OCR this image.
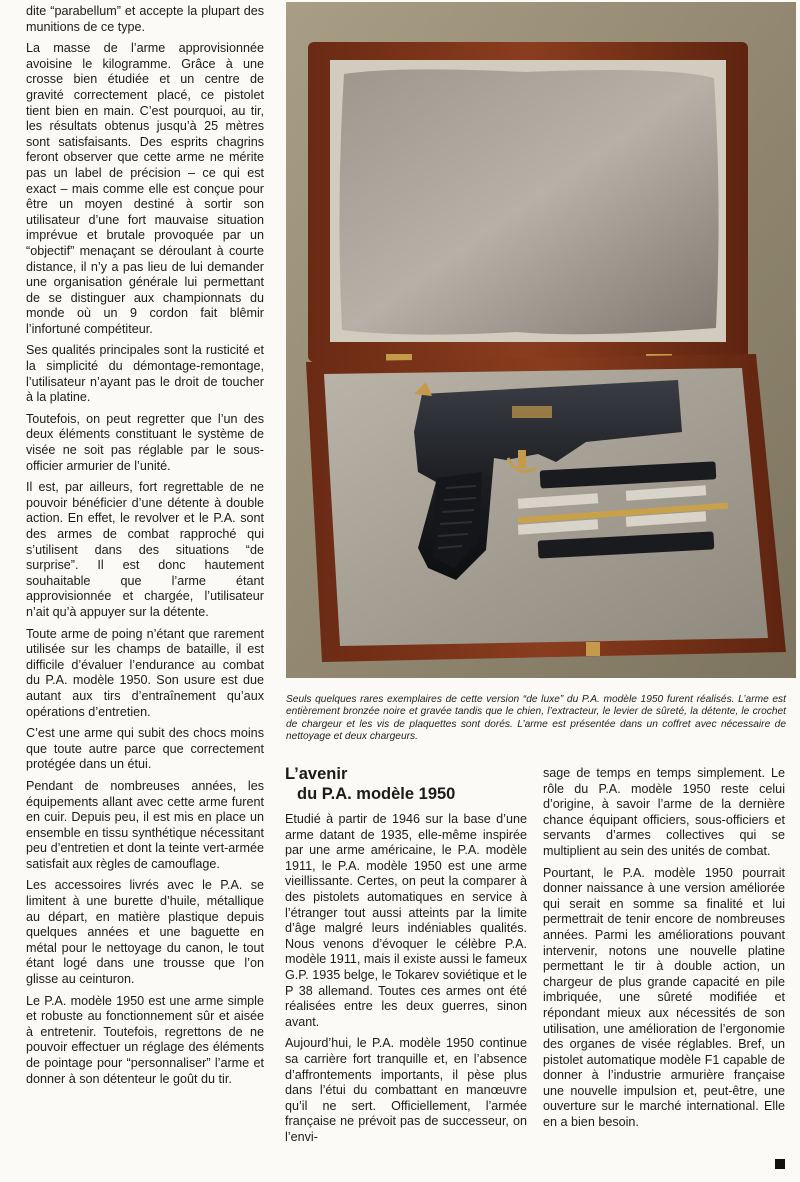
dite “parabellum” et accepte la plupart des munitions de ce type.

La masse de l’arme approvisionnée avoisine le kilogramme. Grâce à une crosse bien étudiée et un centre de gravité correctement placé, ce pistolet tient bien en main. C’est pourquoi, au tir, les résultats obtenus jusqu’à 25 mètres sont satisfaisants. Des esprits chagrins feront observer que cette arme ne mérite pas un label de précision – ce qui est exact – mais comme elle est conçue pour être un moyen destiné à sortir son utilisateur d’une fort mauvaise situation imprévue et brutale provoquée par un “objectif” menaçant se déroulant à courte distance, il n’y a pas lieu de lui demander une organisation générale lui permettant de se distinguer aux championnats du monde où un 9 cordon fait blêmir l’infortuné compétiteur.

Ses qualités principales sont la rusticité et la simplicité du démontage-remontage, l’utilisateur n’ayant pas le droit de toucher à la platine.

Toutefois, on peut regretter que l’un des deux éléments constituant le système de visée ne soit pas réglable par le sous-officier armurier de l’unité.

Il est, par ailleurs, fort regrettable de ne pouvoir bénéficier d’une détente à double action. En effet, le revolver et le P.A. sont des armes de combat rapproché qui s’utilisent dans des situations “de surprise”. Il est donc hautement souhaitable que l’arme étant approvisionnée et chargée, l’utilisateur n’ait qu’à appuyer sur la détente.

Toute arme de poing n’étant que rarement utilisée sur les champs de bataille, il est difficile d’évaluer l’endurance au combat du P.A. modèle 1950. Son usure est due autant aux tirs d’entraînement qu’aux opérations d’entretien.

C’est une arme qui subit des chocs moins que toute autre parce que correctement protégée dans un étui.

Pendant de nombreuses années, les équipements allant avec cette arme furent en cuir. Depuis peu, il est mis en place un ensemble en tissu synthétique nécessitant peu d’entretien et dont la teinte vert-armée satisfait aux règles de camouflage.

Les accessoires livrés avec le P.A. se limitent à une burette d’huile, métallique au départ, en matière plastique depuis quelques années et une baguette en métal pour le nettoyage du canon, le tout étant logé dans une trousse que l’on glisse au ceinturon.

Le P.A. modèle 1950 est une arme simple et robuste au fonctionnement sûr et aisée à entretenir. Toutefois, regrettons de ne pouvoir effectuer un réglage des éléments de pointage pour “personnaliser” l’arme et donner à son détenteur le goût du tir.

Seuls quelques rares exemplaires de cette version “de luxe” du P.A. modèle 1950 furent réalisés. L’arme est entièrement bronzée noire et gravée tandis que le chien, l’extracteur, le levier de sûreté, la détente, le crochet de chargeur et les vis de plaquettes sont dorés. L’arme est présentée dans un coffret avec nécessaire de nettoyage et deux chargeurs.
L’avenir
du P.A. modèle 1950

Etudié à partir de 1946 sur la base d’une arme datant de 1935, elle-même inspirée par une arme américaine, le P.A. modèle 1911, le P.A. modèle 1950 est une arme vieillissante. Certes, on peut la comparer à des pistolets automatiques en service à l’étranger tout aussi atteints par la limite d’âge malgré leurs indéniables qualités. Nous venons d’évoquer le célèbre P.A. modèle 1911, mais il existe aussi le fameux G.P. 1935 belge, le Tokarev soviétique et le P 38 allemand. Toutes ces armes ont été réalisées entre les deux guerres, sinon avant.

Aujourd’hui, le P.A. modèle 1950 continue sa carrière fort tranquille et, en l’absence d’affrontements importants, il pèse plus dans l’étui du combattant en manœuvre qu’il ne sert. Officiellement, l’armée française ne prévoit pas de successeur, on l’envi-

sage de temps en temps simplement. Le rôle du P.A. modèle 1950 reste celui d’origine, à savoir l’arme de la dernière chance équipant officiers, sous-officiers et servants d’armes collectives qui se multiplient au sein des unités de combat.

Pourtant, le P.A. modèle 1950 pourrait donner naissance à une version améliorée qui serait en somme sa finalité et lui permettrait de tenir encore de nombreuses années. Parmi les améliorations pouvant intervenir, notons une nouvelle platine permettant le tir à double action, un chargeur de plus grande capacité en pile imbriquée, une sûreté modifiée et répondant mieux aux nécessités de son utilisation, une amélioration de l’ergonomie des organes de visée réglables. Bref, un pistolet automatique modèle F1 capable de donner à l’industrie armurière française une nouvelle impulsion et, peut-être, une ouverture sur le marché international. Elle en a bien besoin.
